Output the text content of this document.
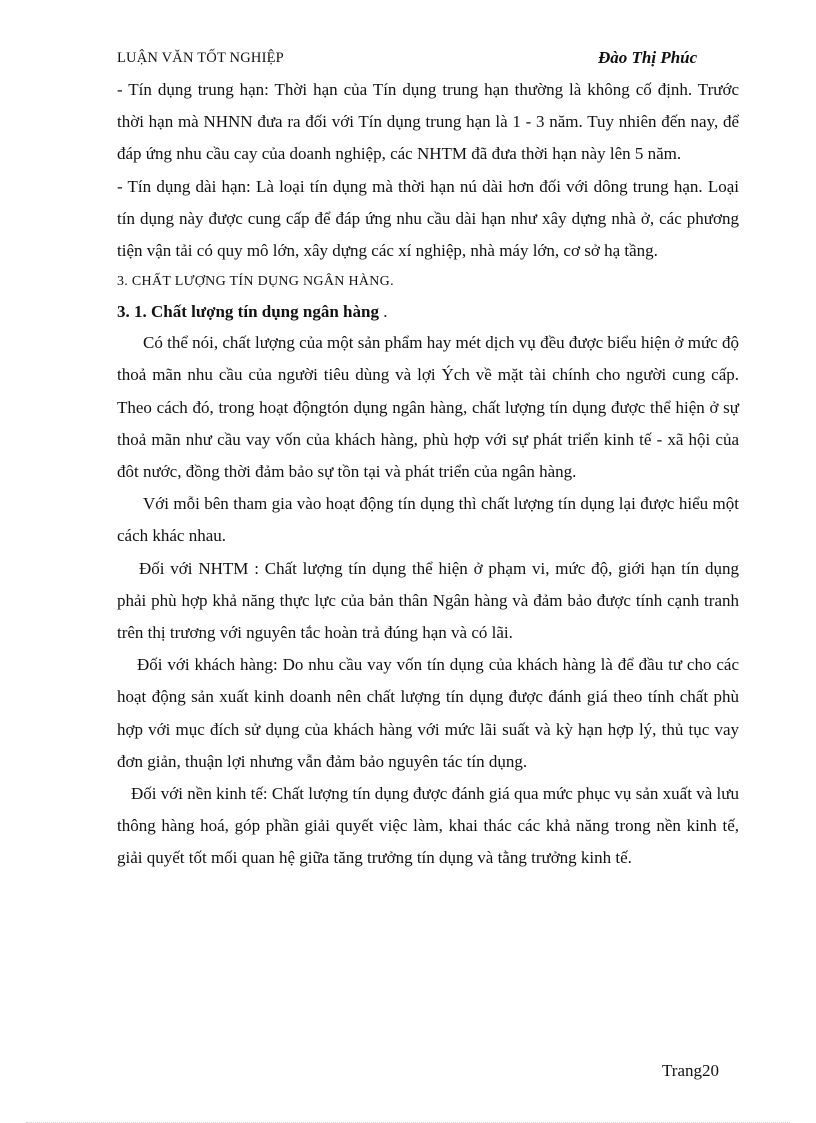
LUẬN VĂN TỐT NGHIỆP	Đào Thị Phúc

- Tín dụng trung hạn: Thời hạn của Tín dụng trung hạn thường là không cố định. Trước thời hạn mà NHNN đưa ra đối với Tín dụng trung hạn là 1 - 3 năm. Tuy nhiên đến nay, để đáp ứng nhu cầu cay của doanh nghiệp, các NHTM đã đưa thời hạn này lên 5 năm.

- Tín dụng dài hạn: Là loại tín dụng mà thời hạn nú dài hơn đối với dông trung hạn. Loại tín dụng này được cung cấp để đáp ứng nhu cầu dài hạn như xây dựng nhà ở, các phương tiện vận tải có quy mô lớn, xây dựng các xí nghiệp, nhà máy lớn, cơ sở hạ tầng.

3. CHẤT LƯỢNG TÍN DỤNG NGÂN HÀNG.

3. 1. Chất lượng tín dụng ngân hàng .

Có thể nói, chất lượng của một sản phẩm hay mét dịch vụ đều được biểu hiện ở mức độ thoả mãn nhu cầu của người tiêu dùng và lợi Ých về mặt tài chính cho người cung cấp. Theo cách đó, trong hoạt độngtón dụng ngân hàng, chất lượng tín dụng được thể hiện ở sự thoả mãn như cầu vay vốn của khách hàng, phù hợp với sự phát triển kinh tế - xã hội của đôt nước, đồng thời đảm bảo sự tồn tại và phát triển của ngân hàng.

Với mỗi bên tham gia vào hoạt động tín dụng thì chất lượng tín dụng lại được hiểu một cách khác nhau.

Đối với NHTM : Chất lượng tín dụng thể hiện ở phạm vi, mức độ, giới hạn tín dụng phải phù hợp khả năng thực lực của bản thân Ngân hàng và đảm bảo được tính cạnh tranh trên thị trương với nguyên tắc hoàn trả đúng hạn và có lãi.

Đối với khách hàng: Do nhu cầu vay vốn tín dụng của khách hàng là để đầu tư cho các hoạt động sản xuất kinh doanh nên chất lượng tín dụng được đánh giá theo tính chất phù hợp với mục đích sử dụng của khách hàng với mức lãi suất và kỳ hạn hợp lý, thủ tục vay đơn giản, thuận lợi nhưng vẫn đảm bảo nguyên tác tín dụng.

Đối với nền kinh tế: Chất lượng tín dụng được đánh giá qua mức phục vụ sản xuất và lưu thông hàng hoá, góp phần giải quyết việc làm, khai thác các khả năng trong nền kinh tế, giải quyết tốt mối quan hệ giữa tăng trưởng tín dụng và tằng trưởng kinh tế.

Trang20
